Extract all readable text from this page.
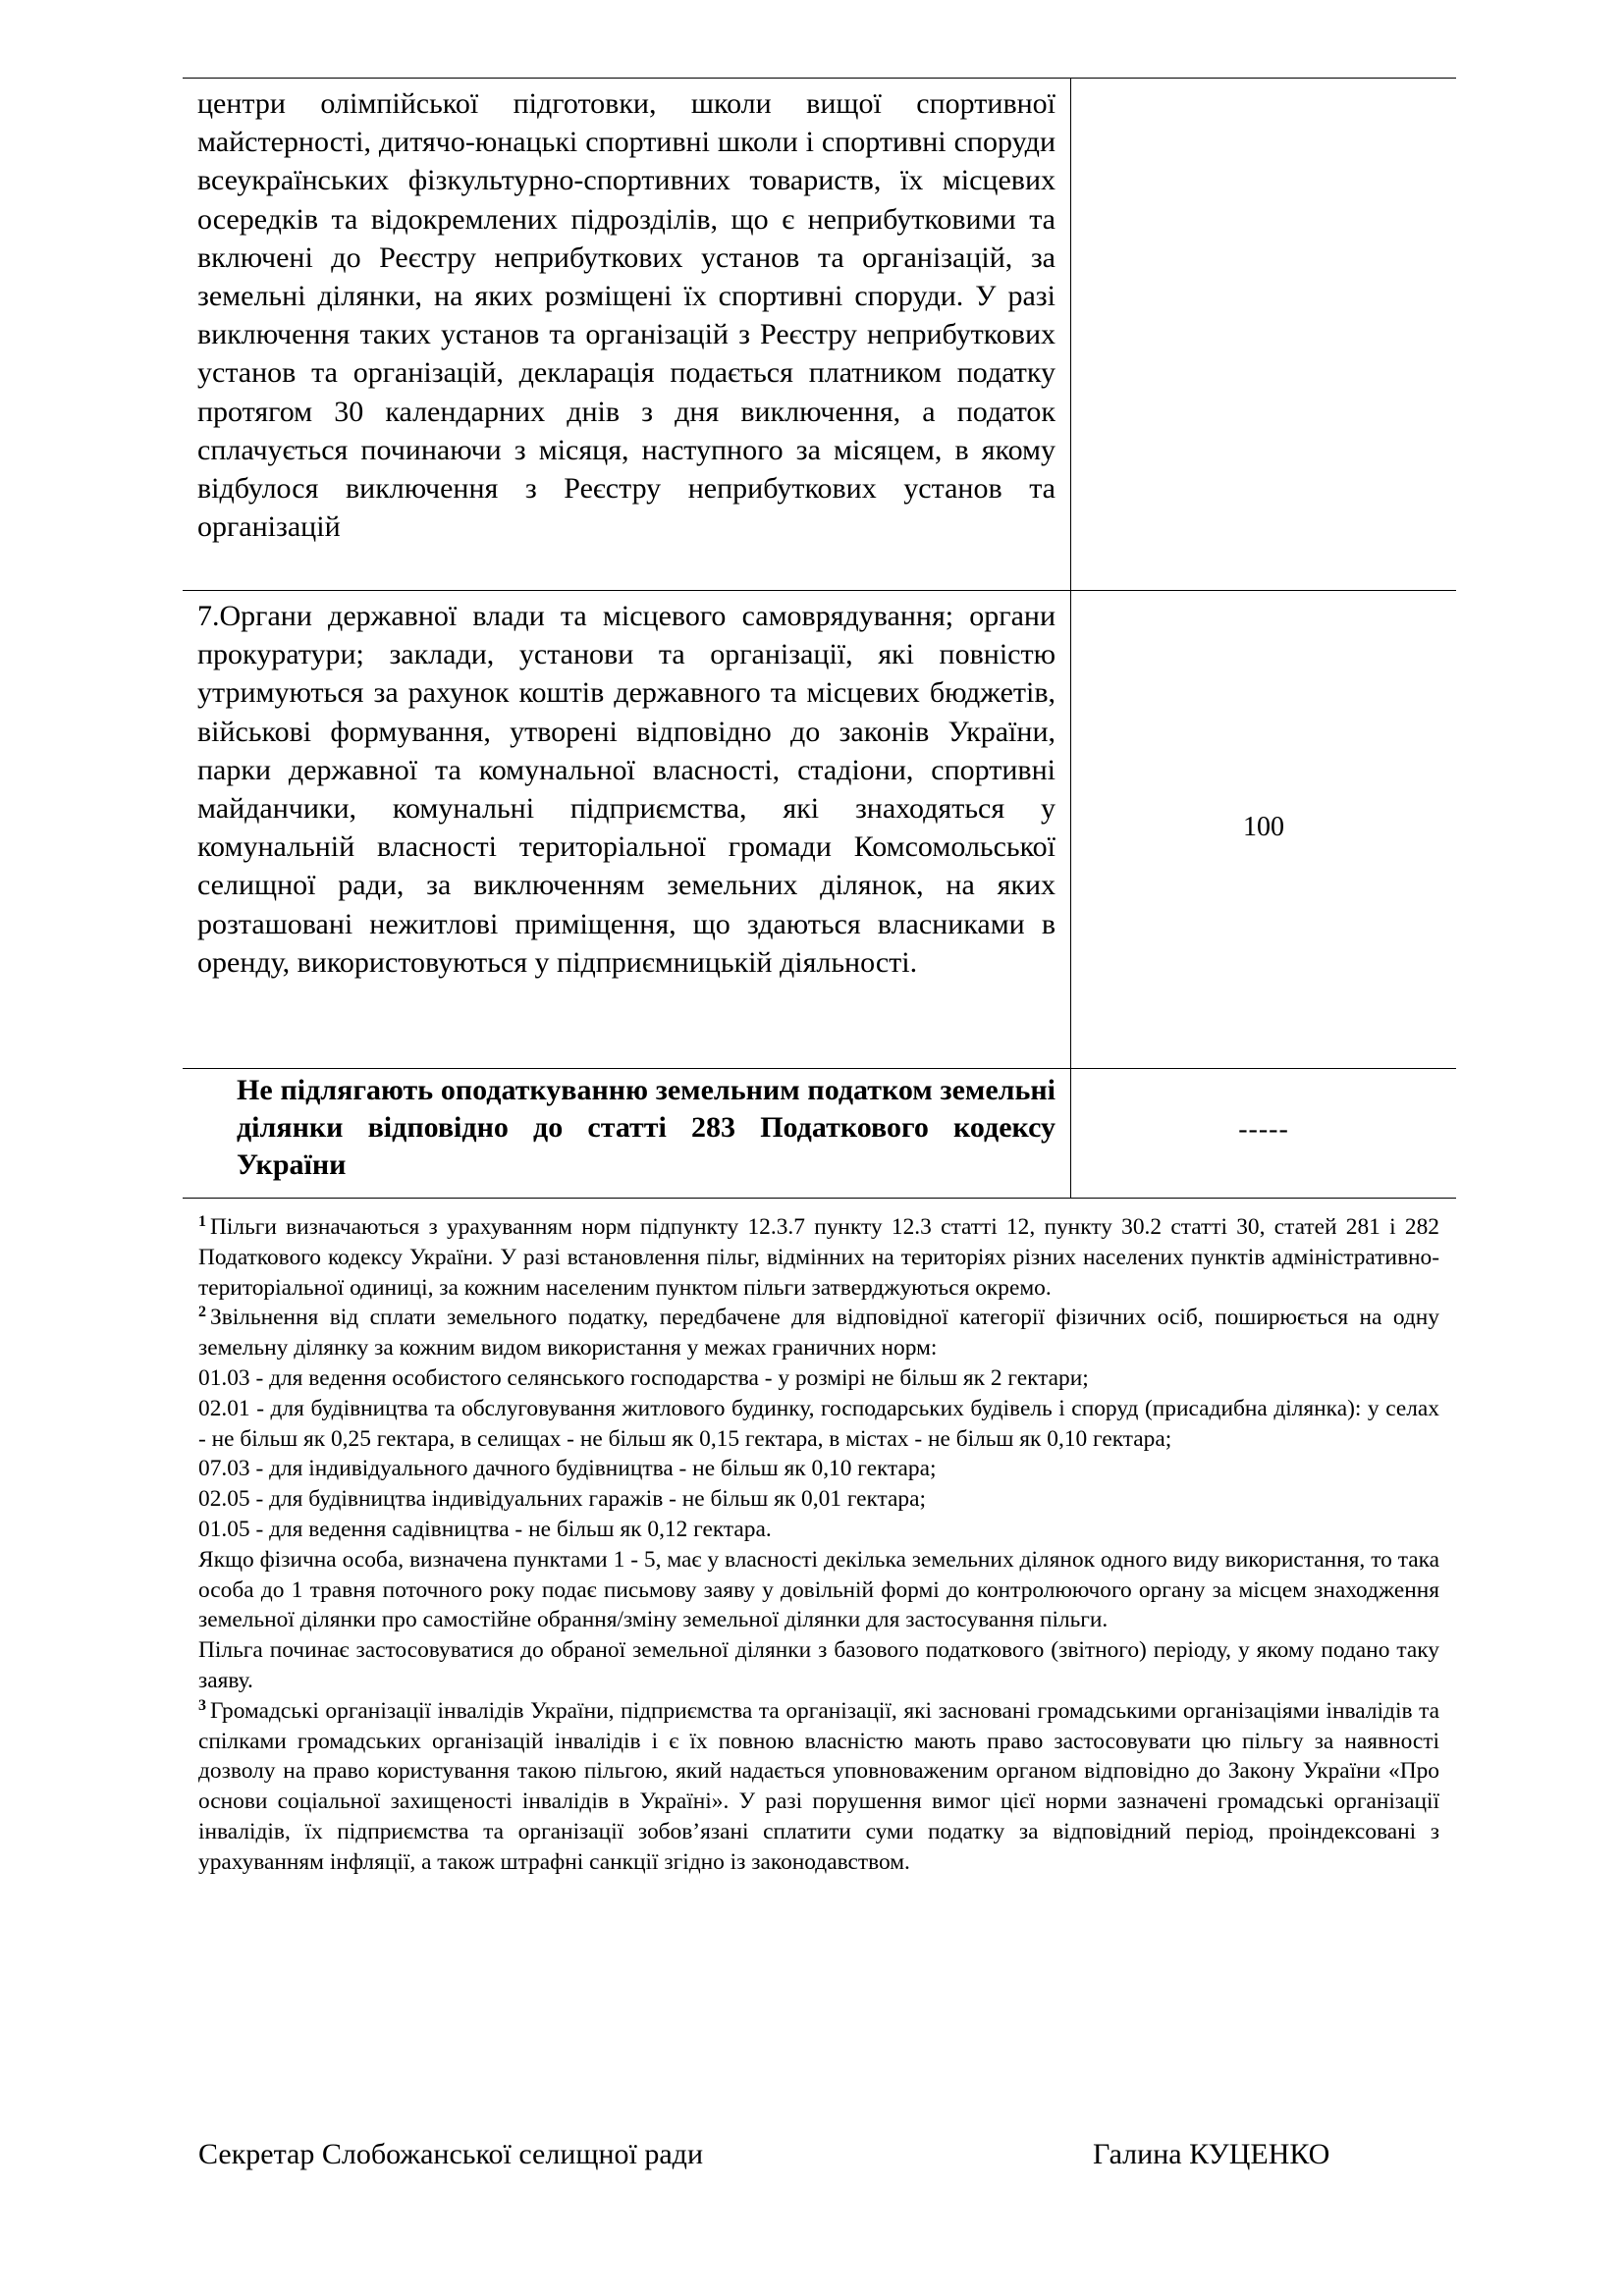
центри олімпійської підготовки, школи вищої спортивної майстерності, дитячо-юнацькі спортивні школи і спортивні споруди всеукраїнських фізкультурно-спортивних товариств, їх місцевих осередків та відокремлених підрозділів, що є неприбутковими та включені до Реєстру неприбуткових установ та організацій, за земельні ділянки, на яких розміщені їх спортивні споруди. У разі виключення таких установ та організацій з Реєстру неприбуткових установ та організацій, декларація подається платником податку протягом 30 календарних днів з дня виключення, а податок сплачується починаючи з місяця, наступного за місяцем, в якому відбулося виключення з Реєстру неприбуткових установ та організацій	

7.Органи державної влади та місцевого самоврядування; органи прокуратури; заклади, установи та організації, які повністю утримуються за рахунок коштів державного та місцевих бюджетів, військові формування, утворені відповідно до законів України, парки державної та комунальної власності, стадіони, спортивні майданчики, комунальні підприємства, які знаходяться у комунальній власності територіальної громади Комсомольської селищної ради, за виключенням земельних ділянок, на яких розташовані нежитлові приміщення, що здаються власниками в оренду, використовуються у підприємницькій діяльності.	100

Не підлягають оподаткуванню земельним податком земельні ділянки відповідно до статті 283 Податкового кодексу України	-----

$^1$ Пільги визначаються з урахуванням норм підпункту 12.3.7 пункту 12.3 статті 12, пункту 30.2 статті 30, статей 281 і 282 Податкового кодексу України. У разі встановлення пільг, відмінних на територіях різних населених пунктів адміністративно-територіальної одиниці, за кожним населеним пунктом пільги затверджуються окремо.

$^2$ Звільнення від сплати земельного податку, передбачене для відповідної категорії фізичних осіб, поширюється на одну земельну ділянку за кожним видом використання у межах граничних норм:

01.03 - для ведення особистого селянського господарства - у розмірі не більш як 2 гектари;

02.01 - для будівництва та обслуговування житлового будинку, господарських будівель і споруд (присадибна ділянка): у селах - не більш як 0,25 гектара, в селищах - не більш як 0,15 гектара, в містах - не більш як 0,10 гектара;

07.03 - для індивідуального дачного будівництва - не більш як 0,10 гектара;

02.05 - для будівництва індивідуальних гаражів - не більш як 0,01 гектара;

01.05 - для ведення садівництва - не більш як 0,12 гектара.

Якщо фізична особа, визначена пунктами 1 - 5, має у власності декілька земельних ділянок одного виду використання, то така особа до 1 травня поточного року подає письмову заяву у довільній формі до контролюючого органу за місцем знаходження земельної ділянки про самостійне обрання/зміну земельної ділянки для застосування пільги.

Пільга починає застосовуватися до обраної земельної ділянки з базового податкового (звітного) періоду, у якому подано таку заяву.

$^3$ Громадські організації інвалідів України, підприємства та організації, які засновані громадськими організаціями інвалідів та спілками громадських організацій інвалідів і є їх повною власністю мають право застосовувати цю пільгу за наявності дозволу на право користування такою пільгою, який надається уповноваженим органом відповідно до Закону України «Про основи соціальної захищеності інвалідів в Україні». У разі порушення вимог цієї норми зазначені громадські організації інвалідів, їх підприємства та організації зобов’язані сплатити суми податку за відповідний період, проіндексовані з урахуванням інфляції, а також штрафні санкції згідно із законодавством.

Секретар Слобожанської селищної ради	Галина КУЦЕНКО
